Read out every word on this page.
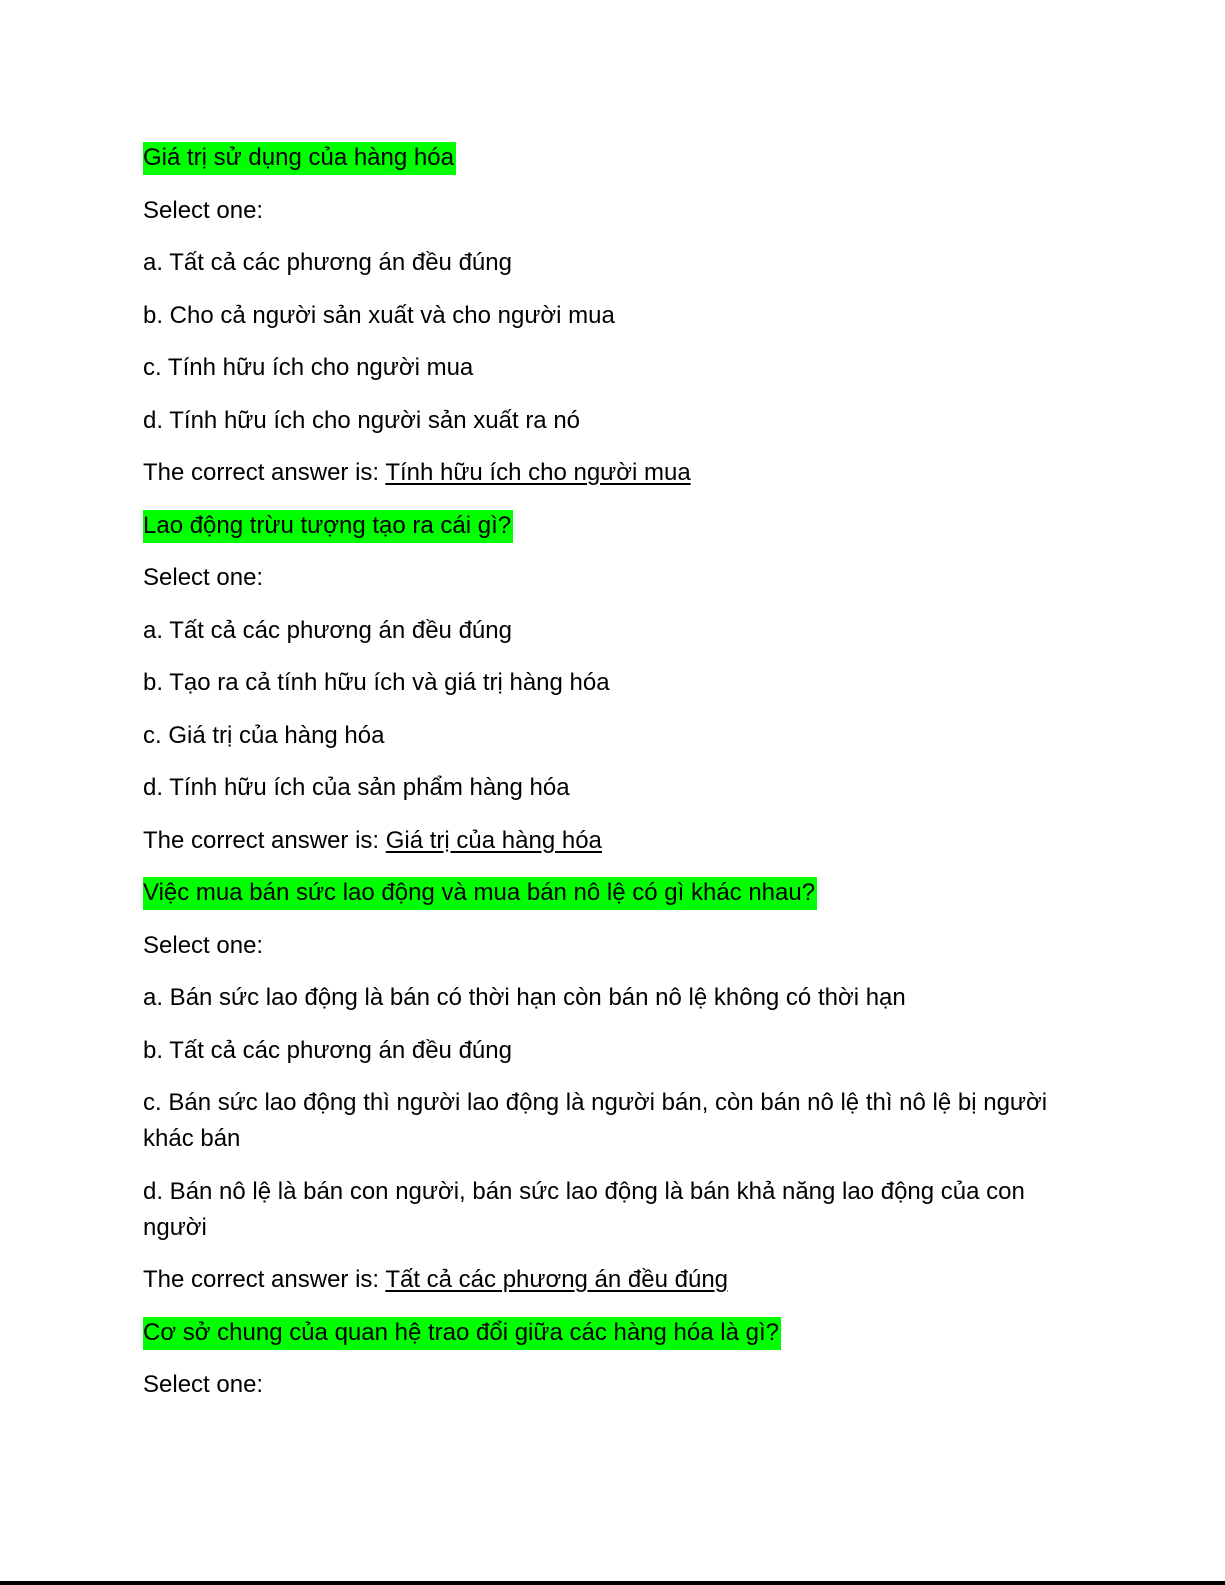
Giá trị sử dụng của hàng hóa

Select one:

a. Tất cả các phương án đều đúng

b. Cho cả người sản xuất và cho người mua

c. Tính hữu ích cho người mua

d. Tính hữu ích cho người sản xuất ra nó

The correct answer is: Tính hữu ích cho người mua

Lao động trừu tượng tạo ra cái gì?

Select one:

a. Tất cả các phương án đều đúng

b. Tạo ra cả tính hữu ích và giá trị hàng hóa

c. Giá trị của hàng hóa

d. Tính hữu ích của sản phẩm hàng hóa

The correct answer is: Giá trị của hàng hóa

Việc mua bán sức lao động và mua bán nô lệ có gì khác nhau?

Select one:

a. Bán sức lao động là bán có thời hạn còn bán nô lệ không có thời hạn

b. Tất cả các phương án đều đúng

c. Bán sức lao động thì người lao động là người bán, còn bán nô lệ thì nô lệ bị người khác bán

d. Bán nô lệ là bán con người, bán sức lao động là bán khả năng lao động của con người

The correct answer is: Tất cả các phương án đều đúng

Cơ sở chung của quan hệ trao đổi giữa các hàng hóa là gì?

Select one:
